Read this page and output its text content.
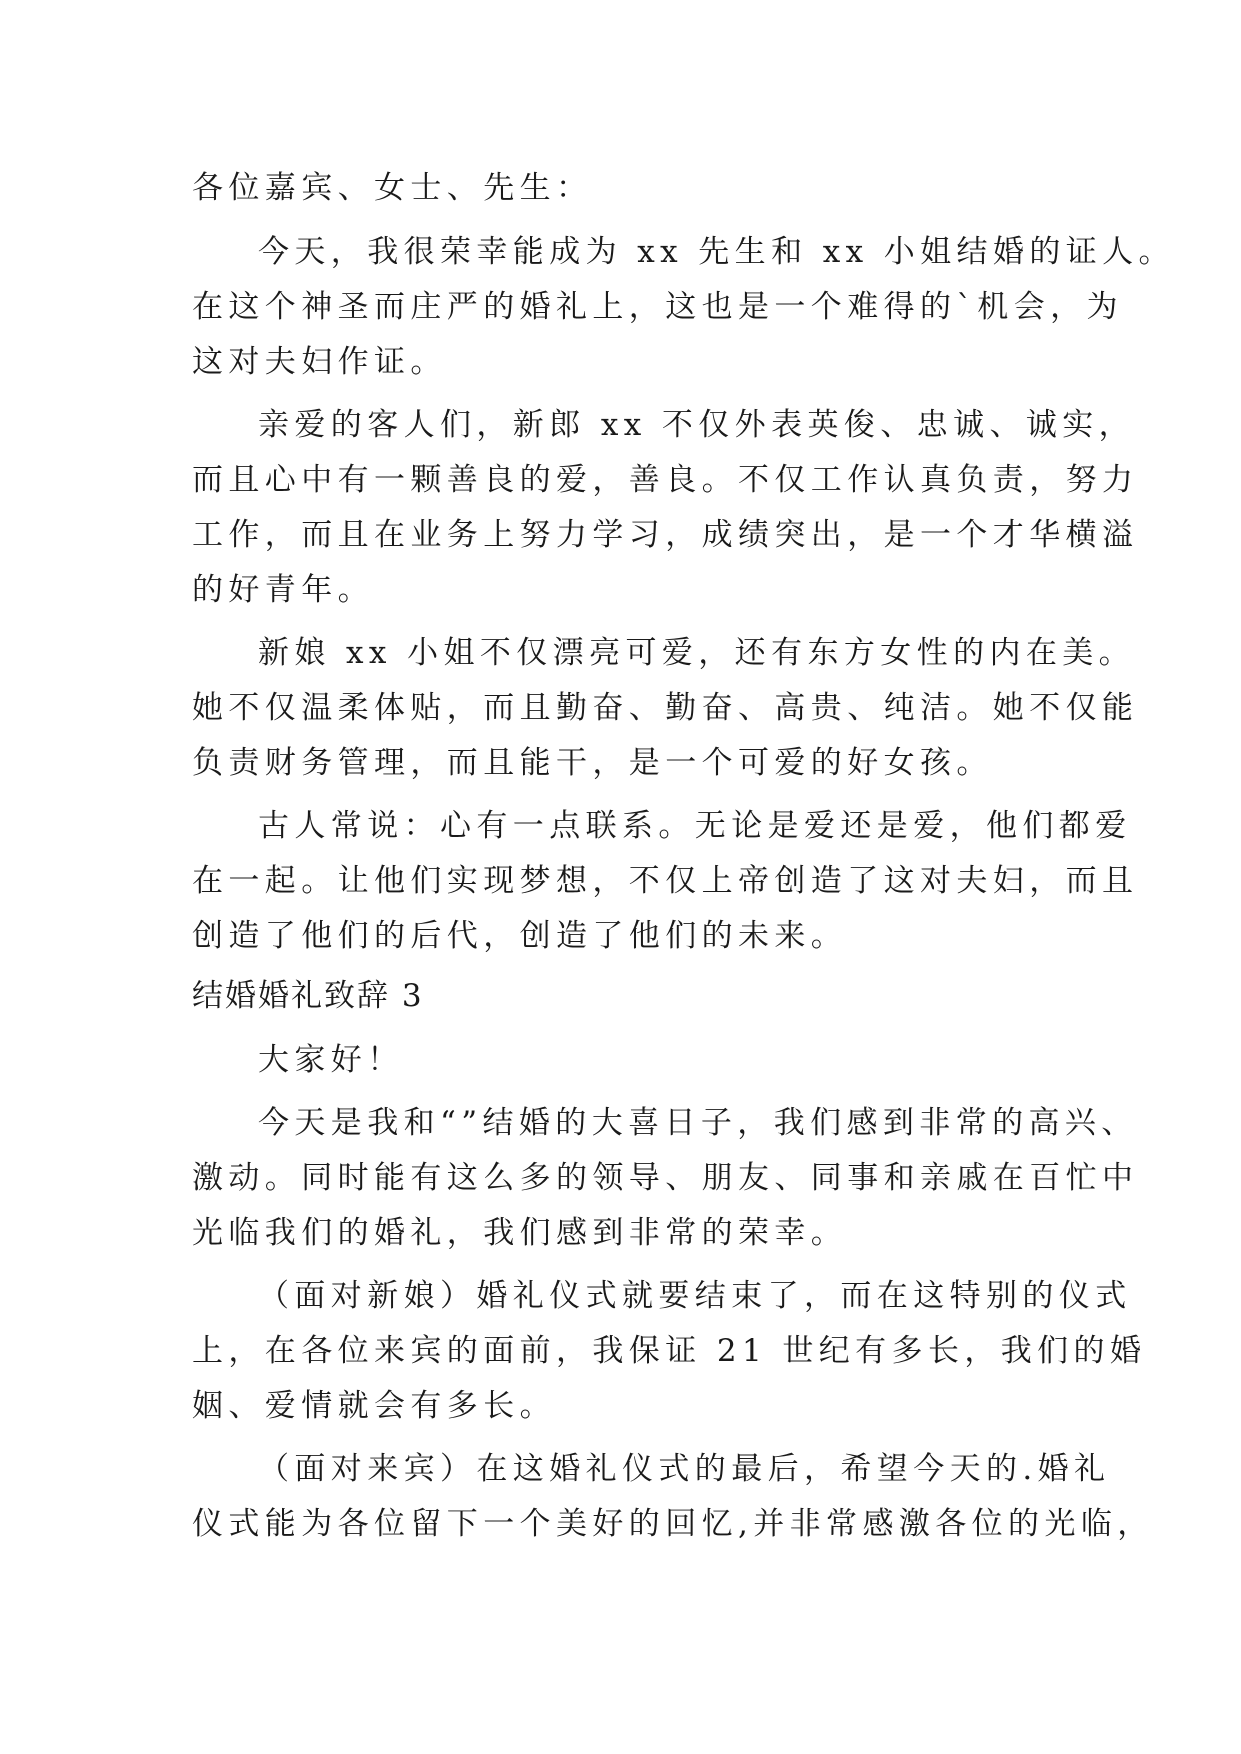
各位嘉宾、女士、先生：
今天，我很荣幸能成为 xx 先生和 xx 小姐结婚的证人。
在这个神圣而庄严的婚礼上，这也是一个难得的`机会，为
这对夫妇作证。
亲爱的客人们，新郎 xx 不仅外表英俊、忠诚、诚实，
而且心中有一颗善良的爱，善良。不仅工作认真负责，努力
工作，而且在业务上努力学习，成绩突出，是一个才华横溢
的好青年。
新娘 xx 小姐不仅漂亮可爱，还有东方女性的内在美。
她不仅温柔体贴，而且勤奋、勤奋、高贵、纯洁。她不仅能
负责财务管理，而且能干，是一个可爱的好女孩。
古人常说：心有一点联系。无论是爱还是爱，他们都爱
在一起。让他们实现梦想，不仅上帝创造了这对夫妇，而且
创造了他们的后代，创造了他们的未来。
结婚婚礼致辞 3
大家好！
今天是我和“”结婚的大喜日子，我们感到非常的高兴、
激动。同时能有这么多的领导、朋友、同事和亲戚在百忙中
光临我们的婚礼，我们感到非常的荣幸。
（面对新娘）婚礼仪式就要结束了，而在这特别的仪式
上，在各位来宾的面前，我保证 21 世纪有多长，我们的婚
姻、爱情就会有多长。
（面对来宾）在这婚礼仪式的最后，希望今天的.婚礼
仪式能为各位留下一个美好的回忆,并非常感激各位的光临，
